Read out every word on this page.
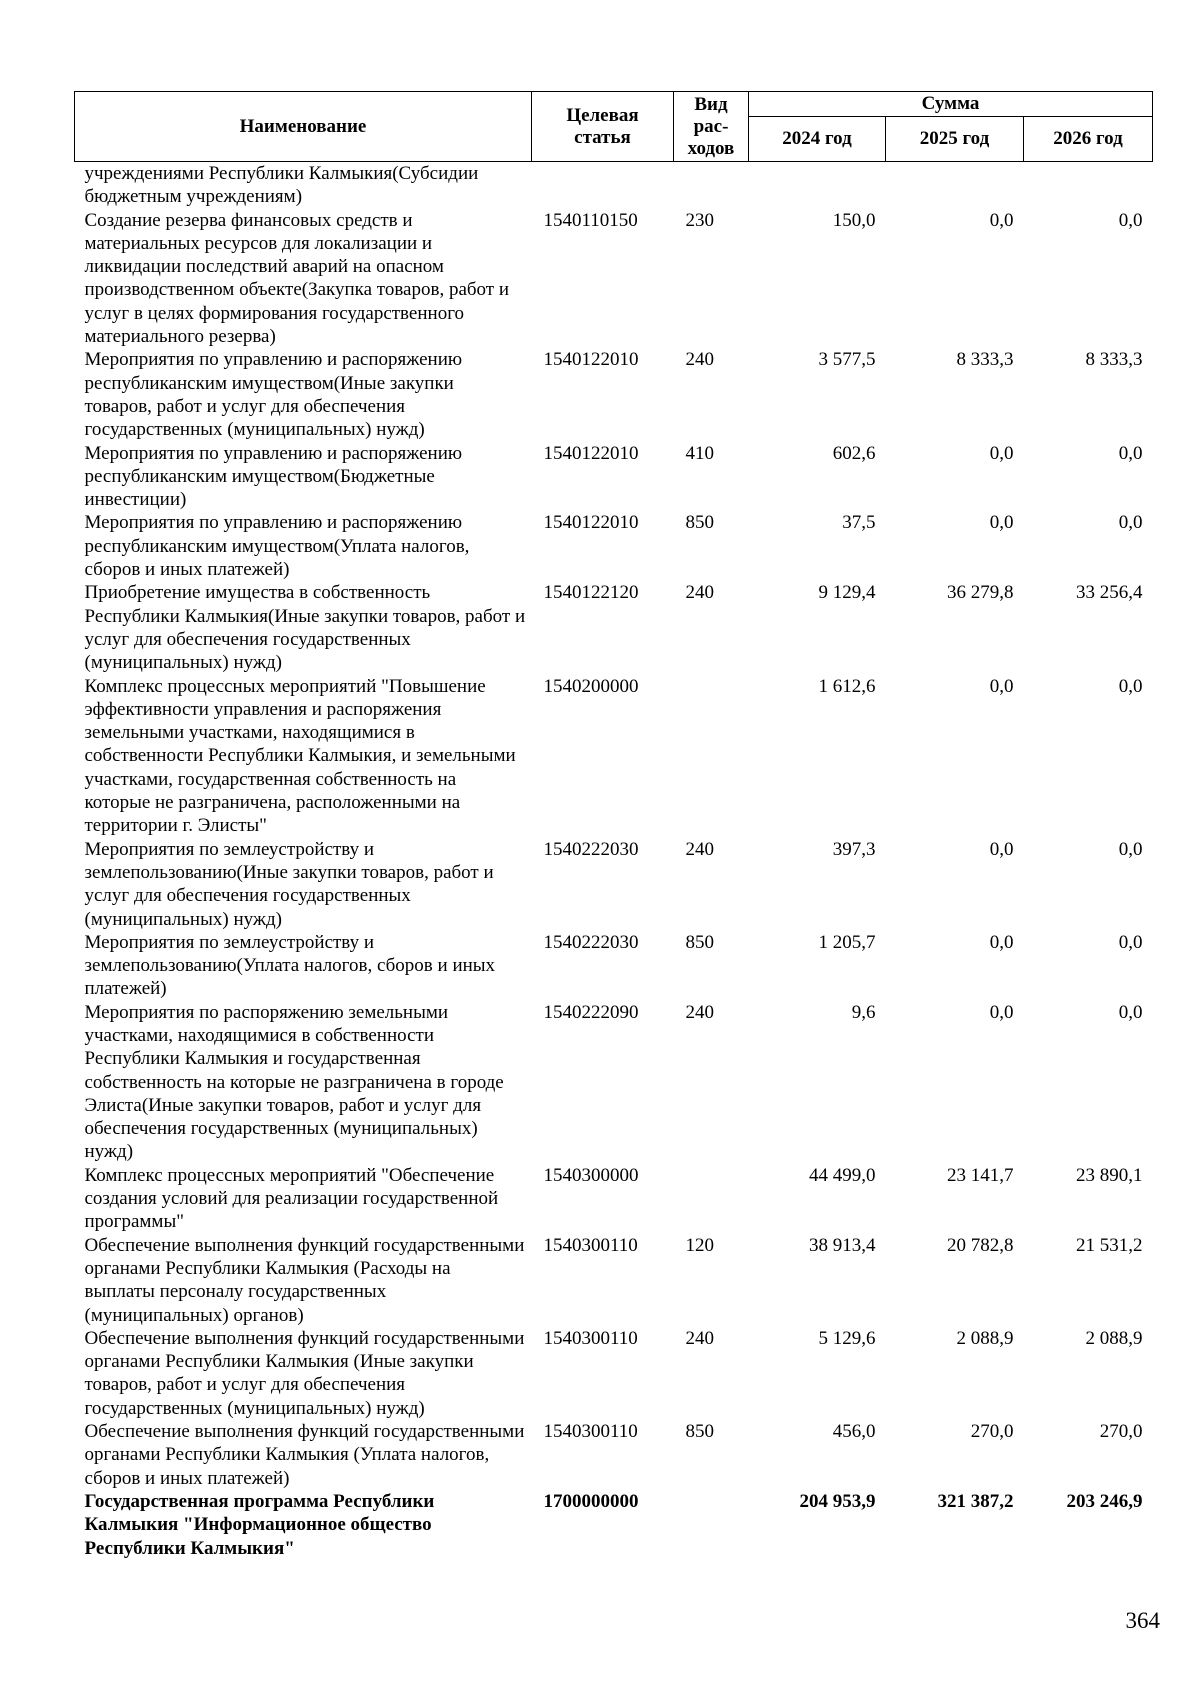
Наименование	Целевая статья	Вид рас-ходов	Сумма		
			2024 год	2025 год	2026 год
учреждениями Республики Калмыкия(Субсидии бюджетным учреждениям)					
Создание резерва финансовых средств и материальных ресурсов для локализации и ликвидации последствий аварий на опасном производственном объекте(Закупка товаров, работ и услуг в целях формирования государственного материального резерва)	1540110150	230	150,0	0,0	0,0
Мероприятия по управлению и распоряжению республиканским имуществом(Иные закупки товаров, работ и услуг для обеспечения государственных (муниципальных) нужд)	1540122010	240	3 577,5	8 333,3	8 333,3
Мероприятия по управлению и распоряжению республиканским имуществом(Бюджетные инвестиции)	1540122010	410	602,6	0,0	0,0
Мероприятия по управлению и распоряжению республиканским имуществом(Уплата налогов, сборов и иных платежей)	1540122010	850	37,5	0,0	0,0
Приобретение имущества в собственность Республики Калмыкия(Иные закупки товаров, работ и услуг для обеспечения государственных (муниципальных) нужд)	1540122120	240	9 129,4	36 279,8	33 256,4
Комплекс процессных мероприятий "Повышение эффективности управления и распоряжения земельными участками, находящимися в собственности Республики Калмыкия, и земельными участками, государственная собственность на которые не разграничена, расположенными на территории г. Элисты"	1540200000		1 612,6	0,0	0,0
Мероприятия по землеустройству и землепользованию(Иные закупки товаров, работ и услуг для обеспечения государственных (муниципальных) нужд)	1540222030	240	397,3	0,0	0,0
Мероприятия по землеустройству и землепользованию(Уплата налогов, сборов и иных платежей)	1540222030	850	1 205,7	0,0	0,0
Мероприятия по распоряжению земельными участками, находящимися в собственности Республики Калмыкия и государственная собственность на которые не разграничена в городе Элиста(Иные закупки товаров, работ и услуг для обеспечения государственных (муниципальных) нужд)	1540222090	240	9,6	0,0	0,0
Комплекс процессных мероприятий "Обеспечение создания условий для реализации государственной программы"	1540300000		44 499,0	23 141,7	23 890,1
Обеспечение выполнения функций государственными органами Республики Калмыкия (Расходы на выплаты персоналу государственных (муниципальных) органов)	1540300110	120	38 913,4	20 782,8	21 531,2
Обеспечение выполнения функций государственными органами Республики Калмыкия (Иные закупки товаров, работ и услуг для обеспечения государственных (муниципальных) нужд)	1540300110	240	5 129,6	2 088,9	2 088,9
Обеспечение выполнения функций государственными органами Республики Калмыкия (Уплата налогов, сборов и иных платежей)	1540300110	850	456,0	270,0	270,0
Государственная программа Республики Калмыкия "Информационное общество Республики Калмыкия"	1700000000		204 953,9	321 387,2	203 246,9
364
